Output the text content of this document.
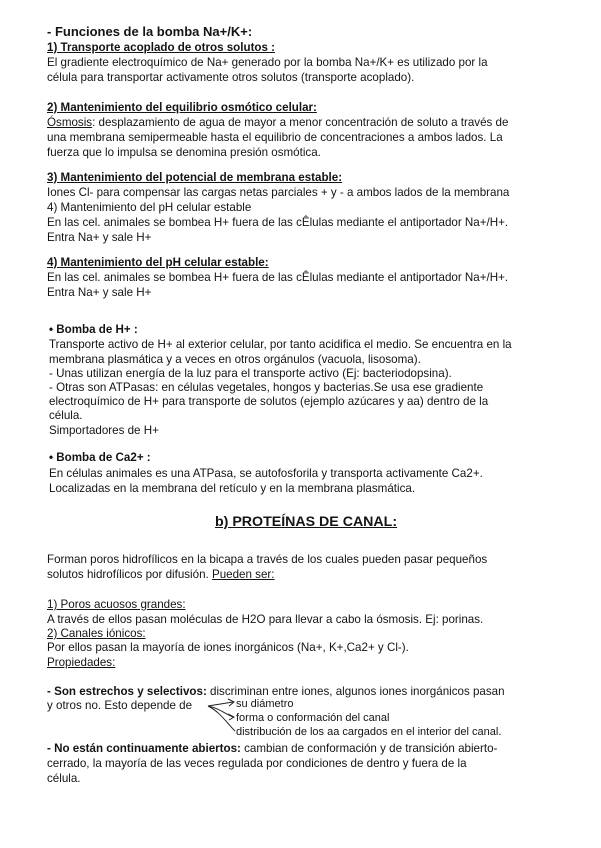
- Funciones de la bomba Na+/K+:
1) Transporte acoplado de otros solutos :
El gradiente electroquímico de Na+ generado por la bomba Na+/K+ es utilizado por la
célula para transportar activamente otros solutos (transporte acoplado).
2) Mantenimiento del equilibrio osmótico celular:
Ósmosis: desplazamiento de agua de mayor a menor concentración de soluto a través de
una membrana semipermeable hasta el equilibrio de concentraciones a ambos lados. La
fuerza que lo impulsa se denomina presión osmótica.
3) Mantenimiento del potencial de membrana estable:
Iones Cl- para compensar las cargas netas parciales + y - a ambos lados de la membrana
4) Mantenimiento del pH celular estable
En las cel. animales se bombea H+ fuera de las cÊlulas mediante el antiportador Na+/H+.
Entra Na+ y sale H+
4) Mantenimiento del pH celular estable:
En las cel. animales se bombea H+ fuera de las cÊlulas mediante el antiportador Na+/H+.
Entra Na+ y sale H+
• Bomba de H+ :
Transporte activo de H+ al exterior celular, por tanto acidifica el medio. Se encuentra en la
membrana plasmática y a veces en otros orgánulos (vacuola, lisosoma).
- Unas utilizan energía de la luz para el transporte activo (Ej: bacteriodopsina).
- Otras son ATPasas: en células vegetales, hongos y bacterias.Se usa ese gradiente
electroquímico de H+ para transporte de solutos (ejemplo azúcares y aa) dentro de la
célula.
Simportadores de H+
• Bomba de Ca2+ :
En células animales es una ATPasa, se autofosforila y transporta activamente Ca2+.
Localizadas en la membrana del retículo y en la membrana plasmática.
b) PROTEÍNAS DE CANAL:
Forman poros hidrofílicos en la bicapa a través de los cuales pueden pasar pequeños
solutos hidrofílicos por difusión. Pueden ser:
1) Poros acuosos grandes:
A través de ellos pasan moléculas de H2O para llevar a cabo la ósmosis. Ej: porinas.
2) Canales iónicos:
Por ellos pasan la mayoría de iones inorgánicos (Na+, K+,Ca2+ y Cl-).
Propiedades:
- Son estrechos y selectivos: discriminan entre iones, algunos iones inorgánicos pasan
y otros no. Esto depende de	su diámetro
forma o conformación del canal
distribución de los aa cargados en el interior del canal.
- No están continuamente abiertos: cambian de conformación y de transición abierto-
cerrado, la mayoría de las veces regulada por condiciones de dentro y fuera de la
célula.
